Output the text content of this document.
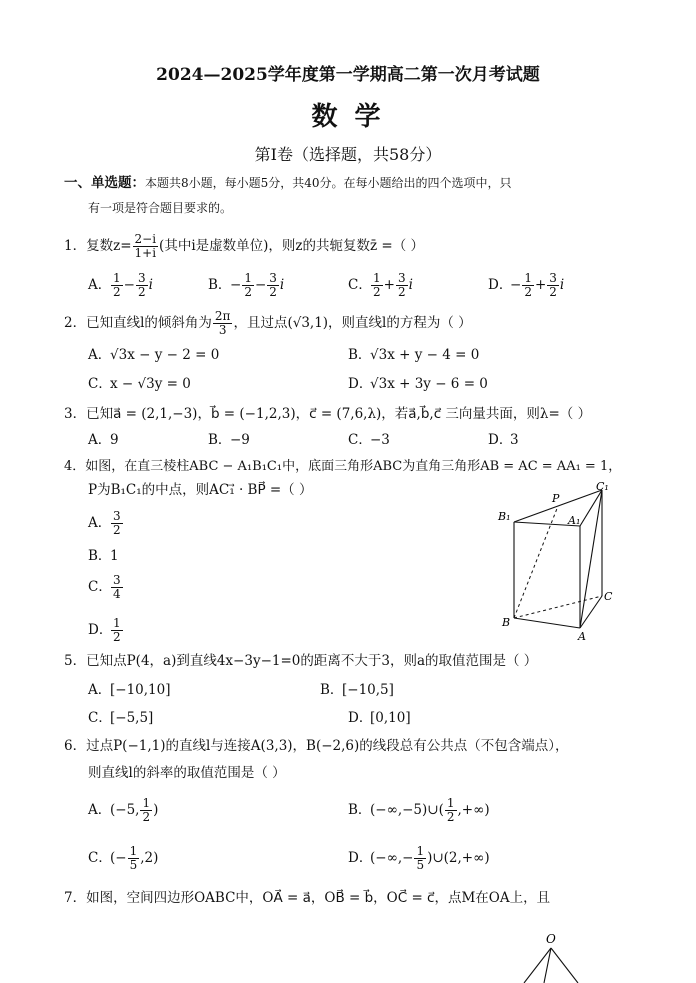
2024—2025学年度第一学期高二第一次月考试题
数 学
第Ⅰ卷（选择题，共58分）
一、单选题：本题共8小题，每小题5分，共40分。在每小题给出的四个选项中，只
有一项是符合题目要求的。
1．复数$z= \frac{2-i}{1+i}$ (其中i是虚数单位)，则z的共轭复数z̄ =（ ）
A． $\frac{1}{2} - \frac{3}{2}$ i	B．− $\frac{1}{2} - \frac{3}{2}$ i	C． $\frac{1}{2} + \frac{3}{2}$ i	D．− $\frac{1}{2} + \frac{3}{2}$ i
2．已知直线l的倾斜角为 $\frac{2\pi}{3}$ ，且过点(√3,1)，则直线l的方程为（ ）
A．√3x − y − 2 = 0	B．√3x + y − 4 = 0
C．x − √3y = 0	D．√3x + 3y − 6 = 0
3．已知a⃗ = (2,1,−3)，b⃗ = (−1,2,3)，c⃗ = (7,6,λ)，若a⃗,b⃗,c⃗ 三向量共面，则λ=（ ）
A．9	B．−9	C．−3	D．3
4．如图，在直三棱柱ABC − A₁B₁C₁中，底面三角形ABC为直角三角形AB = AC = AA₁ = 1，
P为B₁C₁的中点，则AC₁⃗ · BP⃗ =（ ）
A． $\frac{3}{2}$
B．1
C． $\frac{3}{4}$
D．
$\frac{1}{2}$
B₁
P
C₁
A₁
C
B
A
5．已知点P(4，a)到直线4x−3y−1=0的距离不大于3，则a的取值范围是（ ）
A．[−10,10]	B．[−10,5]
C．[−5,5]	D．[0,10]
6．过点P(−1,1)的直线l与连接A(3,3)，B(−2,6)的线段总有公共点（不包含端点），
则直线l的斜率的取值范围是（ ）
A．(−5, $\frac{1}{2}$ )	B．(−∞,−5)∪( $\frac{1}{2}$ ,+∞)
C．(− $\frac{1}{5} ,2$)	D．(−∞,− $\frac{1}{5}$ )∪(2,+∞)
7．如图，空间四边形OABC中，OA⃗ = a⃗，OB⃗ = b⃗，OC⃗ = c⃗，点M在OA上，且
O
